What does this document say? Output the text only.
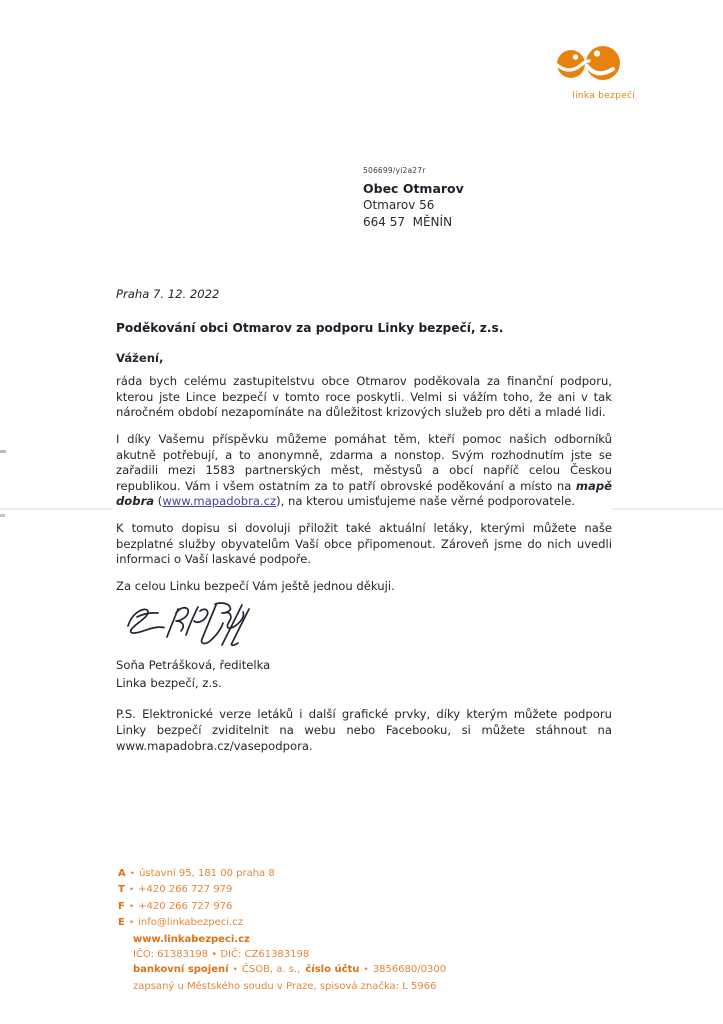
linka bezpečí
506699/yi2a27r
Obec Otmarov
Otmarov 56
664 57  MĚNÍN

Praha 7. 12. 2022

Poděkování obci Otmarov za podporu Linky bezpečí, z.s.

Vážení,

ráda bych celému zastupitelstvu obce Otmarov poděkovala za finanční podporu, kterou jste Lince bezpečí v tomto roce poskytli. Velmi si vážím toho, že ani v tak náročném období nezapomínáte na důležitost krizových služeb pro děti a mladé lidi.

I díky Vašemu příspěvku můžeme pomáhat těm, kteří pomoc našich odborníků akutně potřebují, a to anonymně, zdarma a nonstop. Svým rozhodnutím jste se zařadili mezi 1583 partnerských měst, městysů a obcí napříč celou Českou republikou. Vám i všem ostatním za to patří obrovské poděkování a místo na mapě dobra (www.mapadobra.cz), na kterou umisťujeme naše věrné podporovatele.

K tomuto dopisu si dovoluji přiložit také aktuální letáky, kterými můžete naše bezplatné služby obyvatelům Vaší obce připomenout. Zároveň jsme do nich uvedli informaci o Vaší laskavé podpoře.

Za celou Linku bezpečí Vám ještě jednou děkuji.

Soňa Petrášková, ředitelka

Linka bezpečí, z.s.

P.S. Elektronické verze letáků i další grafické prvky, díky kterým můžete podporu Linky bezpečí zviditelnit na webu nebo Facebooku, si můžete stáhnout na www.mapadobra.cz/vasepodpora.

A • ústavní 95, 181 00 praha 8
T • +420 266 727 979
F • +420 266 727 976
E • info@linkabezpeci.cz
www.linkabezpeci.cz
IČO: 61383198 • DIČ: CZ61383198
bankovní spojení • ČSOB, a. s., číslo účtu • 3856680/0300
zapsaný u Městského soudu v Praze, spisová značka: L 5966
